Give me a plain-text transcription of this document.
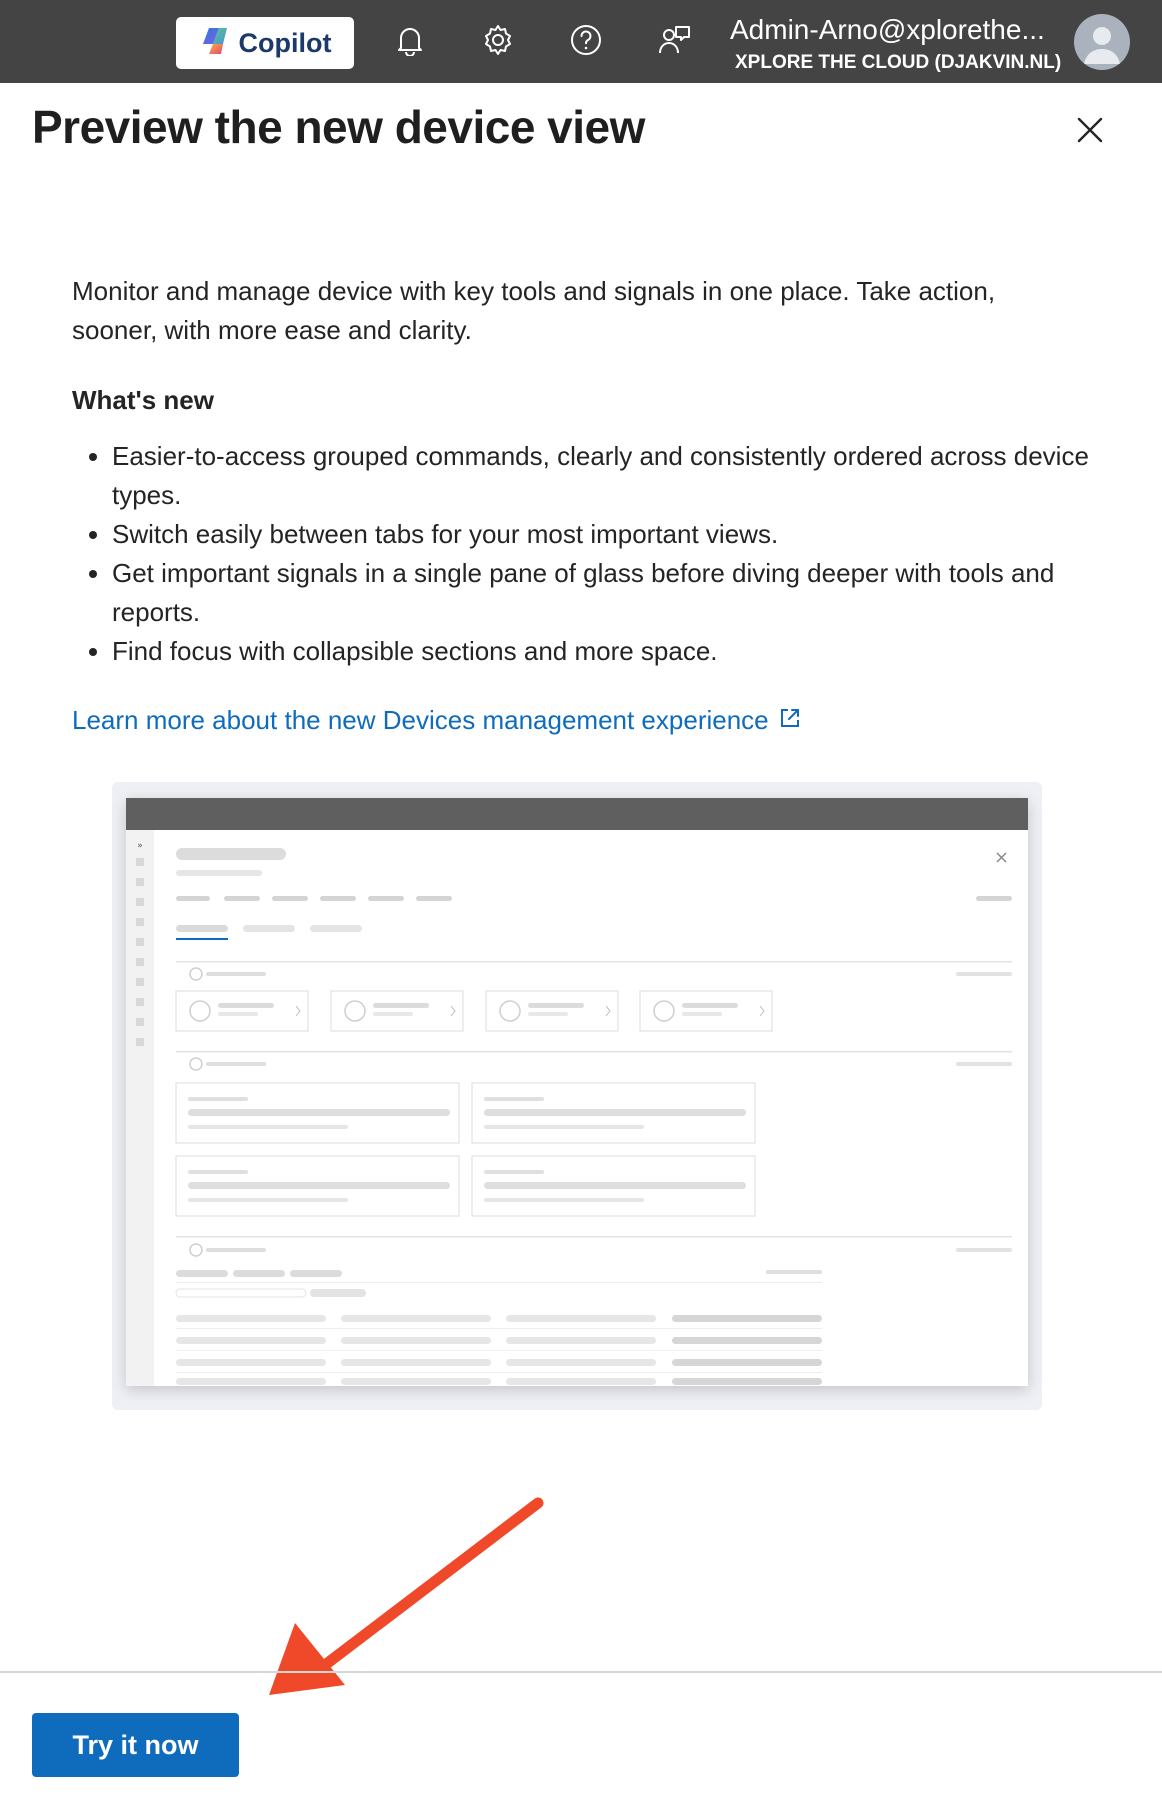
Copilot	Admin-Arno@xplorethe...
XPLORE THE CLOUD (DJAKVIN.NL)
Preview the new device view

Monitor and manage device with key tools and signals in one place. Take action, sooner, with more ease and clarity.

What's new
• Easier-to-access grouped commands, clearly and consistently ordered across device types.
• Switch easily between tabs for your most important views.
• Get important signals in a single pane of glass before diving deeper with tools and reports.
• Find focus with collapsible sections and more space.
Learn more about the new Devices management experience
»
Try it now
